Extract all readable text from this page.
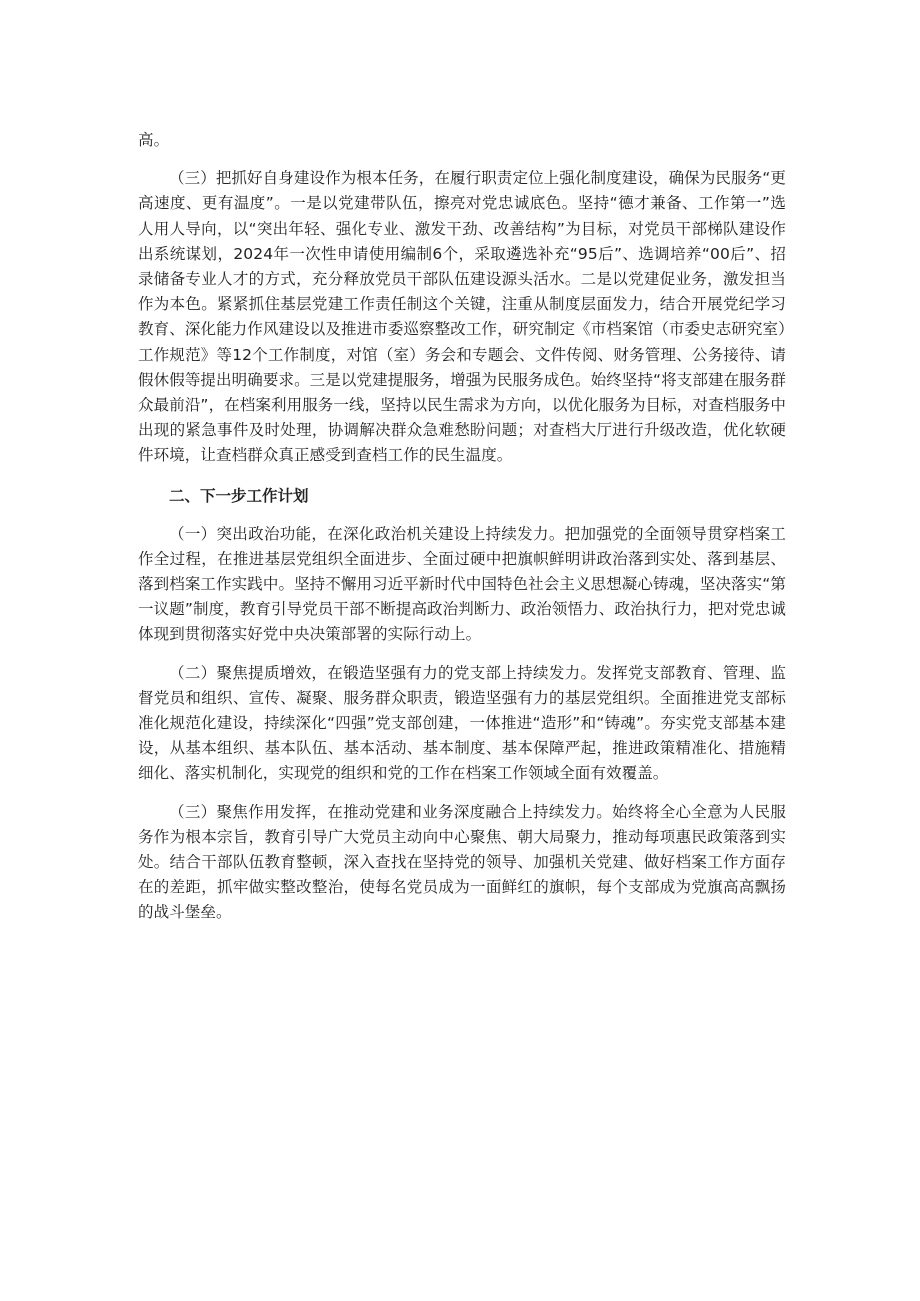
高。

（三）把抓好自身建设作为根本任务，在履行职责定位上强化制度建设，确保为民服务“更高速度、更有温度”。一是以党建带队伍，擦亮对党忠诚底色。坚持“德才兼备、工作第一”选人用人导向，以“突出年轻、强化专业、激发干劲、改善结构”为目标，对党员干部梯队建设作出系统谋划，2024年一次性申请使用编制6个，采取遴选补充“95后”、选调培养“00后”、招录储备专业人才的方式，充分释放党员干部队伍建设源头活水。二是以党建促业务，激发担当作为本色。紧紧抓住基层党建工作责任制这个关键，注重从制度层面发力，结合开展党纪学习教育、深化能力作风建设以及推进市委巡察整改工作，研究制定《市档案馆（市委史志研究室）工作规范》等12个工作制度，对馆（室）务会和专题会、文件传阅、财务管理、公务接待、请假休假等提出明确要求。三是以党建提服务，增强为民服务成色。始终坚持“将支部建在服务群众最前沿”，在档案利用服务一线，坚持以民生需求为方向，以优化服务为目标，对查档服务中出现的紧急事件及时处理，协调解决群众急难愁盼问题；对查档大厅进行升级改造，优化软硬件环境，让查档群众真正感受到查档工作的民生温度。

二、下一步工作计划

（一）突出政治功能，在深化政治机关建设上持续发力。把加强党的全面领导贯穿档案工作全过程，在推进基层党组织全面进步、全面过硬中把旗帜鲜明讲政治落到实处、落到基层、落到档案工作实践中。坚持不懈用习近平新时代中国特色社会主义思想凝心铸魂，坚决落实“第一议题”制度，教育引导党员干部不断提高政治判断力、政治领悟力、政治执行力，把对党忠诚体现到贯彻落实好党中央决策部署的实际行动上。

（二）聚焦提质增效，在锻造坚强有力的党支部上持续发力。发挥党支部教育、管理、监督党员和组织、宣传、凝聚、服务群众职责，锻造坚强有力的基层党组织。全面推进党支部标准化规范化建设，持续深化“四强”党支部创建，一体推进“造形”和“铸魂”。夯实党支部基本建设，从基本组织、基本队伍、基本活动、基本制度、基本保障严起，推进政策精准化、措施精细化、落实机制化，实现党的组织和党的工作在档案工作领域全面有效覆盖。

（三）聚焦作用发挥，在推动党建和业务深度融合上持续发力。始终将全心全意为人民服务作为根本宗旨，教育引导广大党员主动向中心聚焦、朝大局聚力，推动每项惠民政策落到实处。结合干部队伍教育整顿，深入查找在坚持党的领导、加强机关党建、做好档案工作方面存在的差距，抓牢做实整改整治，使每名党员成为一面鲜红的旗帜，每个支部成为党旗高高飘扬的战斗堡垒。
